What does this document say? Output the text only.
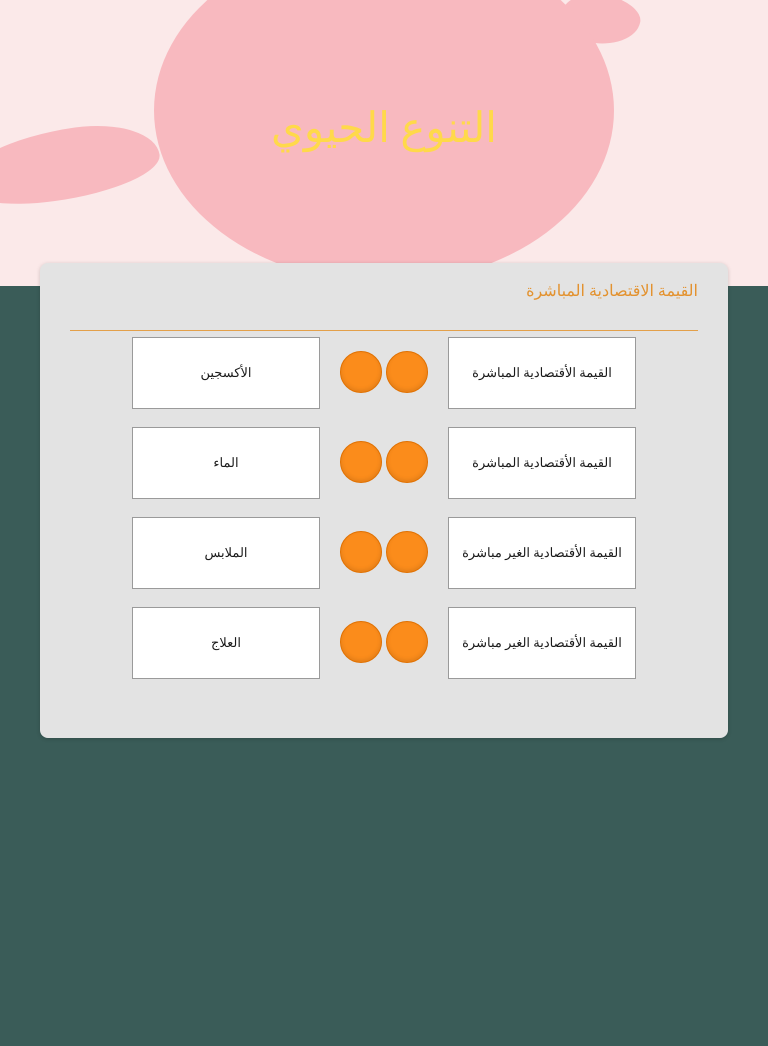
التنوع الحيوي
القيمة الاقتصادية المباشرة
القيمة الأقتصادية المباشرة
القيمة الأقتصادية المباشرة
القيمة الأقتصادية الغير مباشرة
القيمة الأقتصادية الغير مباشرة
الأكسجين
الماء
الملابس
العلاج
